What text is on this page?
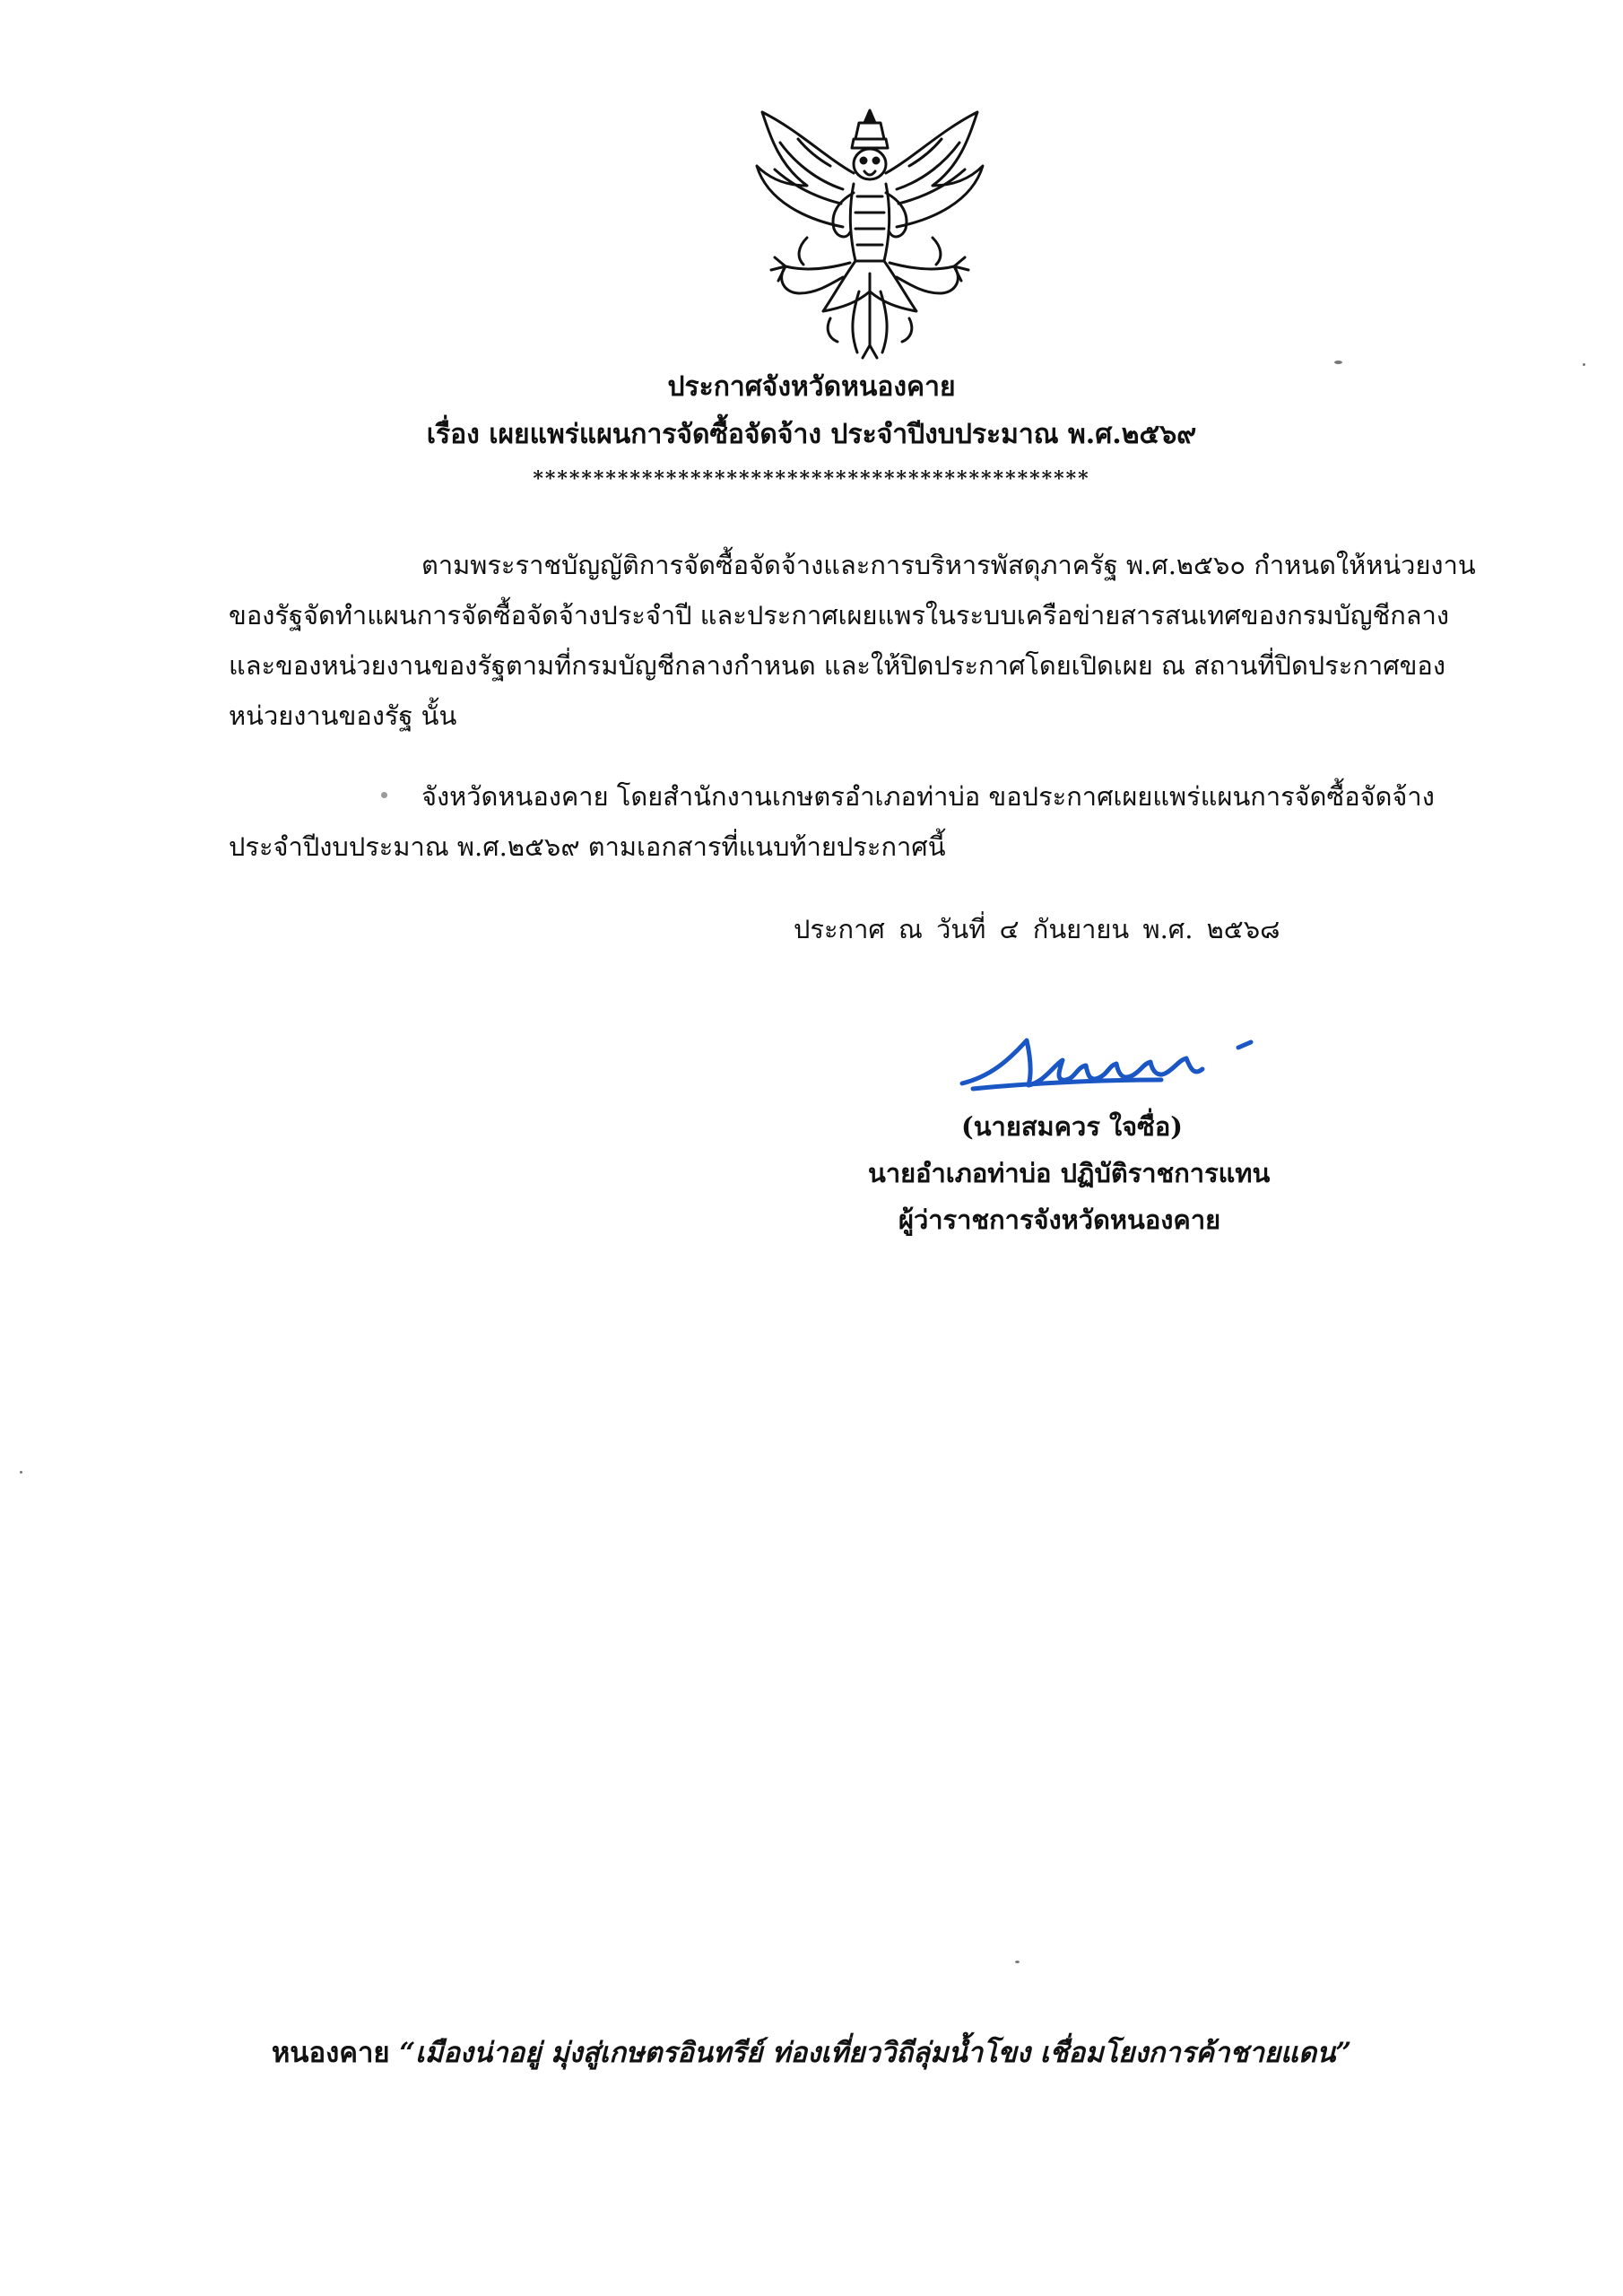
ประกาศจังหวัดหนองคาย
เรื่อง เผยแพร่แผนการจัดซื้อจัดจ้าง ประจำปีงบประมาณ พ.ศ.๒๕๖๙
**********************************************
ตามพระราชบัญญัติการจัดซื้อจัดจ้างและการบริหารพัสดุภาครัฐ พ.ศ.๒๕๖๐ กำหนดให้หน่วยงาน
ของรัฐจัดทำแผนการจัดซื้อจัดจ้างประจำปี และประกาศเผยแพรในระบบเครือข่ายสารสนเทศของกรมบัญชีกลาง
และของหน่วยงานของรัฐตามที่กรมบัญชีกลางกำหนด และให้ปิดประกาศโดยเปิดเผย ณ สถานที่ปิดประกาศของ
หน่วยงานของรัฐ นั้น
จังหวัดหนองคาย โดยสำนักงานเกษตรอำเภอท่าบ่อ ขอประกาศเผยแพร่แผนการจัดซื้อจัดจ้าง
ประจำปีงบประมาณ พ.ศ.๒๕๖๙ ตามเอกสารที่แนบท้ายประกาศนี้
ประกาศ ณ วันที่ ๔ กันยายน พ.ศ. ๒๕๖๘
(นายสมควร ใจซื่อ)
นายอำเภอท่าบ่อ ปฏิบัติราชการแทน
ผู้ว่าราชการจังหวัดหนองคาย
หนองคาย “เมืองน่าอยู่ มุ่งสู่เกษตรอินทรีย์ ท่องเที่ยววิถีลุ่มน้ำโขง เชื่อมโยงการค้าชายแดน”
